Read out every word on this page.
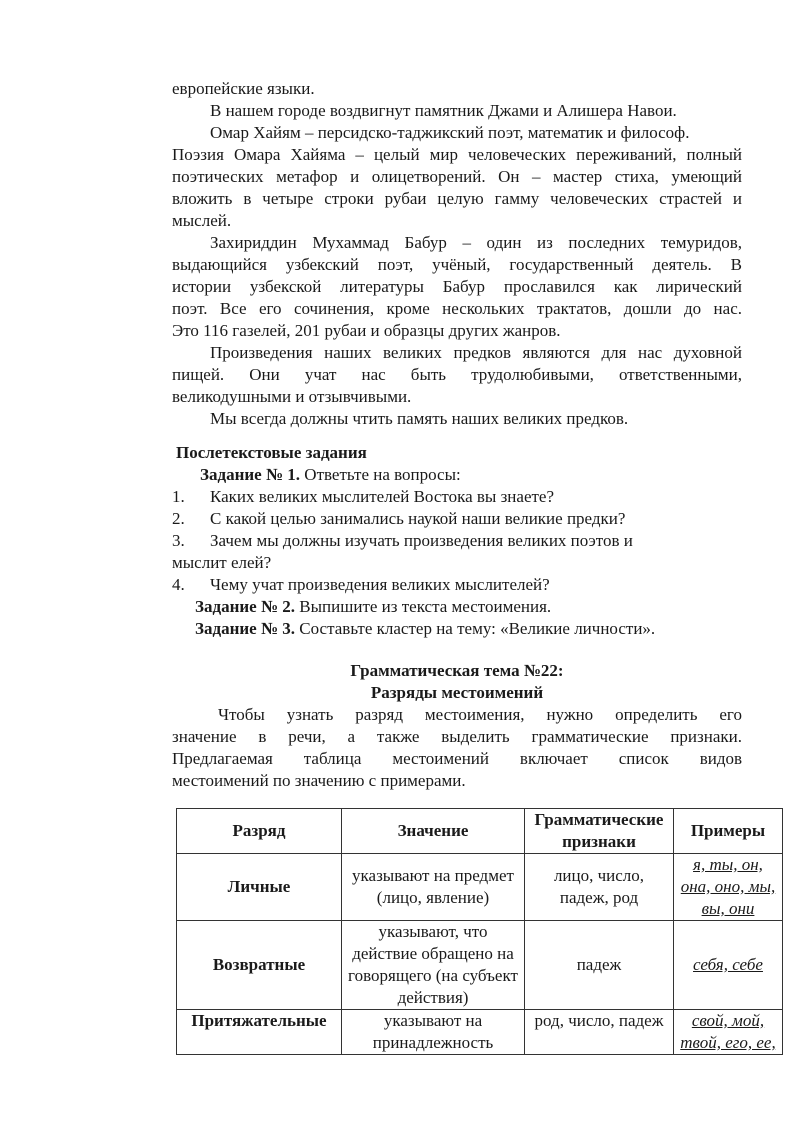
европейские языки.
В нашем городе воздвигнут памятник Джами и Алишера Навои.
Омар Хайям – персидско-таджикский поэт, математик и философ.
Поэзия Омара Хайяма – целый мир человеческих переживаний, полный
поэтических метафор и олицетворений. Он – мастер стиха, умеющий
вложить в четыре строки рубаи целую гамму человеческих страстей и
мыслей.
Захириддин Мухаммад Бабур – один из последних темуридов,
выдающийся узбекский поэт, учёный, государственный деятель. В
истории узбекской литературы Бабур прославился как лирический
поэт. Все его сочинения, кроме нескольких трактатов, дошли до нас.
Это 116 газелей, 201 рубаи и образцы других жанров.
Произведения наших великих предков являются для нас духовной
пищей. Они учат нас быть трудолюбивыми, ответственными,
великодушными и отзывчивыми.
Мы всегда должны чтить память наших великих предков.
Послетекстовые задания
Задание № 1. Ответьте на вопросы:
1. Каких великих мыслителей Востока вы знаете?
2. С какой целью занимались наукой наши великие предки?
3. Зачем мы должны изучать произведения великих поэтов и
мыслит елей?
4. Чему учат произведения великих мыслителей?
Задание № 2. Выпишите из текста местоимения.
Задание № 3. Составьте кластер на тему: «Великие личности».
Грамматическая тема №22:
Разряды местоимений
Чтобы узнать разряд местоимения, нужно определить его
значение в речи, а также выделить грамматические признаки.
Предлагаемая таблица местоимений включает список видов
местоимений по значению с примерами.
Разряд	Значение	Грамматические признаки	Примеры
Личные	указывают на предмет (лицо, явление)	лицо, число, падеж, род	я, ты, он, она, оно, мы, вы, они
Возвратные	указывают, что действие обращено на говорящего (на субъект действия)	падеж	себя, себе
Притяжательные	указывают на принадлежность	род, число, падеж	свой, мой, твой, его, ее,
